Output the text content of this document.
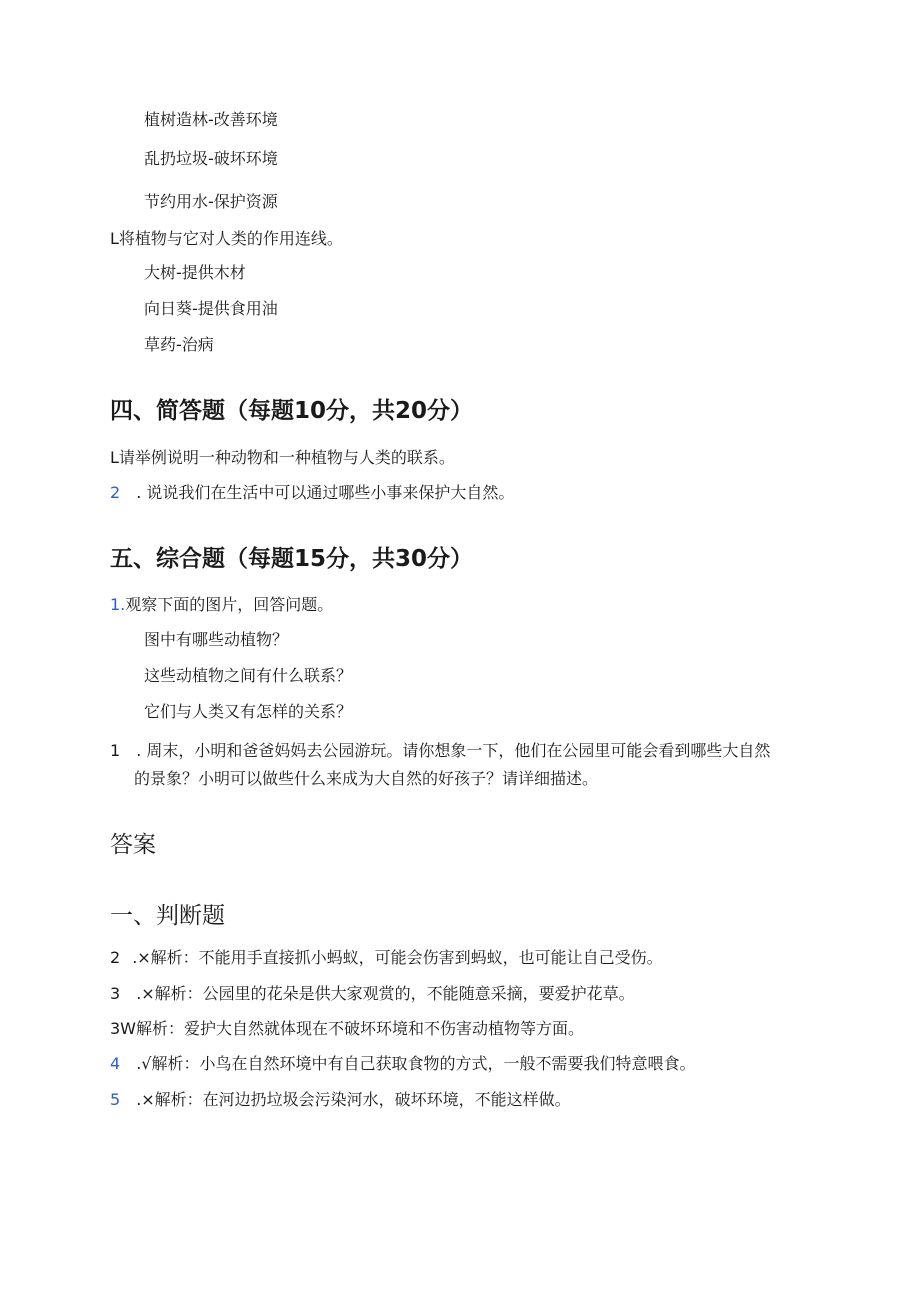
植树造林-改善环境
乱扔垃圾-破坏环境
节约用水-保护资源
L将植物与它对人类的作用连线。
大树-提供木材
向日葵-提供食用油
草药-治病
四、简答题（每题10分，共20分）
L请举例说明一种动物和一种植物与人类的联系。
2 . 说说我们在生活中可以通过哪些小事来保护大自然。
五、综合题（每题15分，共30分）
1.观察下面的图片，回答问题。
图中有哪些动植物？
这些动植物之间有什么联系？
它们与人类又有怎样的关系？
1 . 周末，小明和爸爸妈妈去公园游玩。请你想象一下，他们在公园里可能会看到哪些大自然
的景象？小明可以做些什么来成为大自然的好孩子？请详细描述。
答案
一、判断题
2 .×解析：不能用手直接抓小蚂蚁，可能会伤害到蚂蚁，也可能让自己受伤。
3 .×解析：公园里的花朵是供大家观赏的，不能随意采摘，要爱护花草。
3W解析：爱护大自然就体现在不破坏环境和不伤害动植物等方面。
4 .√解析：小鸟在自然环境中有自己获取食物的方式，一般不需要我们特意喂食。
5 .×解析：在河边扔垃圾会污染河水，破坏环境，不能这样做。
